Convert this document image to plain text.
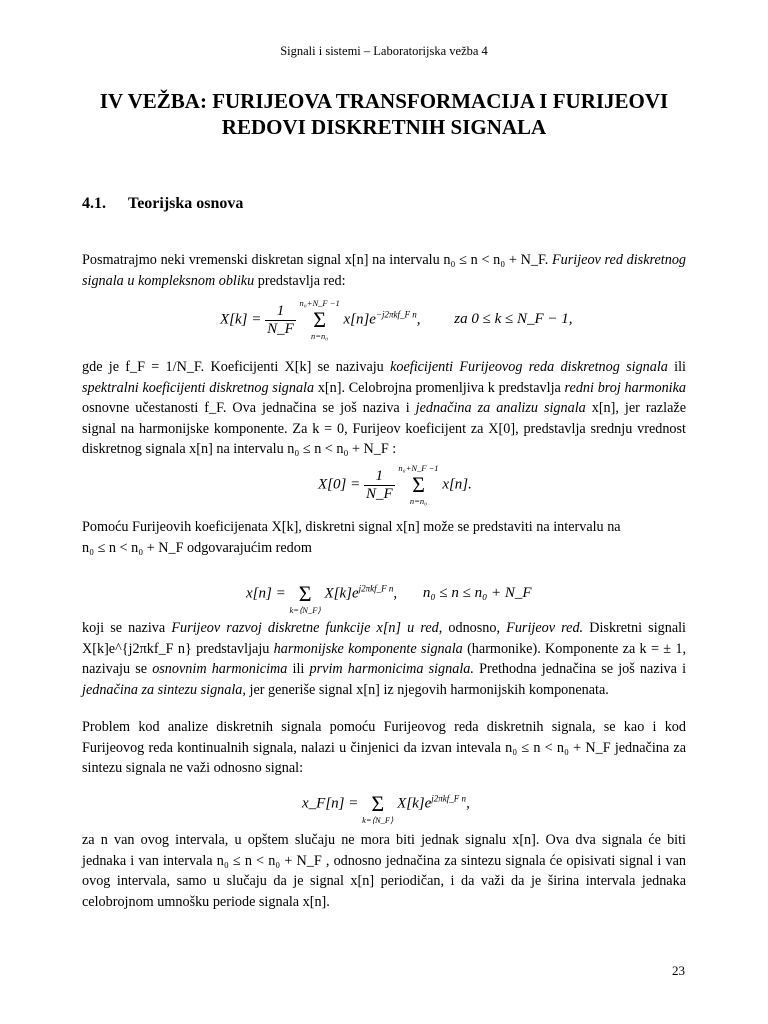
Signali i sistemi – Laboratorijska vežba 4
IV VEŽBA: FURIJEOVA TRANSFORMACIJA I FURIJEOVI
REDOVI DISKRETNIH SIGNALA
4.1. Teorijska osnova

Posmatrajmo neki vremenski diskretan signal x[n] na intervalu n₀ ≤ n < n₀ + N_F. Furijeov red diskretnog signala u kompleksnom obliku predstavlja red:

$X[k] = \frac{1}{N\_F}$
n₀+N_F −1
Σ
n=n₀
$x[n]e^{-j2\pi kf\_F n}$, za 0 ≤ k ≤ N_F − 1,

gde je f_F = 1/N_F. Koeficijenti X[k] se nazivaju koeficijenti Furijeovog reda diskretnog signala ili spektralni koeficijenti diskretnog signala x[n]. Celobrojna promenljiva k predstavlja redni broj harmonika osnovne učestanosti f_F. Ova jednačina se još naziva i jednačina za analizu signala x[n], jer razlaže signal na harmonijske komponente. Za k = 0, Furijeov koeficijent za X[0], predstavlja srednju vrednost diskretnog signala x[n] na intervalu n₀ ≤ n < n₀ + N_F :

$X[0] = \frac{1}{N\_F}$
n₀+N_F −1
Σ
n=n₀
x[n].

Pomoću Furijeovih koeficijenata X[k], diskretni signal x[n] može se predstaviti na intervalu na
n₀ ≤ n < n₀ + N_F odgovarajućim redom

x[n] =
Σ
k=⟨N_F⟩
$X[k]e^{j2\pi kf\_F n}$, n₀ ≤ n ≤ n₀ + N_F

koji se naziva Furijeov razvoj diskretne funkcije x[n] u red, odnosno, Furijeov red. Diskretni signali X[k]e^{j2πkf_F n} predstavljaju harmonijske komponente signala (harmonike). Komponente za k = ± 1, nazivaju se osnovnim harmonicima ili prvim harmonicima signala. Prethodna jednačina se još naziva i jednačina za sintezu signala, jer generiše signal x[n] iz njegovih harmonijskih komponenata.

Problem kod analize diskretnih signala pomoću Furijeovog reda diskretnih signala, se kao i kod Furijeovog reda kontinualnih signala, nalazi u činjenici da izvan intevala n₀ ≤ n < n₀ + N_F jednačina za sintezu signala ne važi odnosno signal:

x_F[n] =
Σ
k=⟨N_F⟩
$X[k]e^{j2\pi kf\_F n}$,

za n van ovog intervala, u opštem slučaju ne mora biti jednak signalu x[n]. Ova dva signala će biti jednaka i van intervala n₀ ≤ n < n₀ + N_F , odnosno jednačina za sintezu signala će opisivati signal i van ovog intervala, samo u slučaju da je signal x[n] periodičan, i da važi da je širina intervala jednaka celobrojnom umnošku periode signala x[n].

23
